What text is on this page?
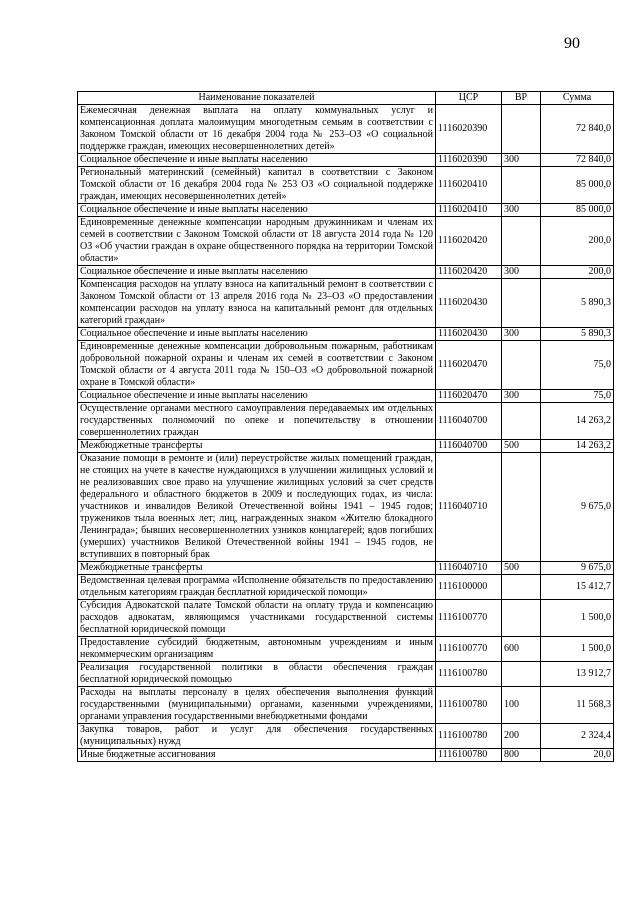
90
Наименование показателей	ЦСР	ВР	Сумма
Ежемесячная денежная выплата на оплату коммунальных услуг и компенсационная доплата малоимущим многодетным семьям в соответствии с Законом Томской области от 16 декабря 2004 года № 253–ОЗ «О социальной поддержке граждан, имеющих несовершеннолетних детей»	1116020390		72 840,0
Социальное обеспечение и иные выплаты населению	1116020390	300	72 840,0
Региональный материнский (семейный) капитал в соответствии с Законом Томской области от 16 декабря 2004 года № 253 ОЗ «О социальной поддержке граждан, имеющих несовершеннолетних детей»	1116020410		85 000,0
Социальное обеспечение и иные выплаты населению	1116020410	300	85 000,0
Единовременные денежные компенсации народным дружинникам и членам их семей в соответствии с Законом Томской области от 18 августа 2014 года № 120 ОЗ «Об участии граждан в охране общественного порядка на территории Томской области»	1116020420		200,0
Социальное обеспечение и иные выплаты населению	1116020420	300	200,0
Компенсация расходов на уплату взноса на капитальный ремонт в соответствии с Законом Томской области от 13 апреля 2016 года № 23–ОЗ «О предоставлении компенсации расходов на уплату взноса на капитальный ремонт для отдельных категорий граждан»	1116020430		5 890,3
Социальное обеспечение и иные выплаты населению	1116020430	300	5 890,3
Единовременные денежные компенсации добровольным пожарным, работникам добровольной пожарной охраны и членам их семей в соответствии с Законом Томской области от 4 августа 2011 года № 150–ОЗ «О добровольной пожарной охране в Томской области»	1116020470		75,0
Социальное обеспечение и иные выплаты населению	1116020470	300	75,0
Осуществление органами местного самоуправления передаваемых им отдельных государственных полномочий по опеке и попечительству в отношении совершеннолетних граждан	1116040700		14 263,2
Межбюджетные трансферты	1116040700	500	14 263,2
Оказание помощи в ремонте и (или) переустройстве жилых помещений граждан, не стоящих на учете в качестве нуждающихся в улучшении жилищных условий и не реализовавших свое право на улучшение жилищных условий за счет средств федерального и областного бюджетов в 2009 и последующих годах, из числа: участников и инвалидов Великой Отечественной войны 1941 – 1945 годов; тружеников тыла военных лет; лиц, награжденных знаком «Жителю блокадного Ленинграда»; бывших несовершеннолетних узников концлагерей; вдов погибших (умерших) участников Великой Отечественной войны 1941 – 1945 годов, не вступивших в повторный брак	1116040710		9 675,0
Межбюджетные трансферты	1116040710	500	9 675,0
Ведомственная целевая программа «Исполнение обязательств по предоставлению отдельным категориям граждан бесплатной юридической помощи»	1116100000		15 412,7
Субсидия Адвокатской палате Томской области на оплату труда и компенсацию расходов адвокатам, являющимся участниками государственной системы бесплатной юридической помощи	1116100770		1 500,0
Предоставление субсидий бюджетным, автономным учреждениям и иным некоммерческим организациям	1116100770	600	1 500,0
Реализация государственной политики в области обеспечения граждан бесплатной юридической помощью	1116100780		13 912,7
Расходы на выплаты персоналу в целях обеспечения выполнения функций государственными (муниципальными) органами, казенными учреждениями, органами управления государственными внебюджетными фондами	1116100780	100	11 568,3
Закупка товаров, работ и услуг для обеспечения государственных (муниципальных) нужд	1116100780	200	2 324,4
Иные бюджетные ассигнования	1116100780	800	20,0
